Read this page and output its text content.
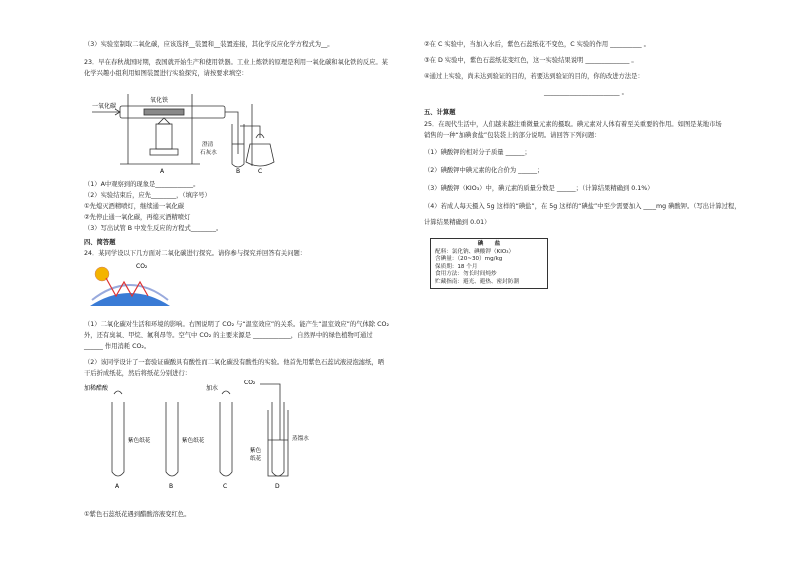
（3）实验室制取二氧化碳，应该选择__装置和__装置连接，其化学反应化学方程式为__。
23．早在春秋战国时期，我国就开始生产和使用铁器。工业上炼铁的原理是利用一氧化碳和氧化铁的反应。某
化学兴趣小组利用如图装置进行实验探究，请按要求填空：
一氧化碳
氧化铁
澄清
石灰水
A	B	C
（1）A中观察到的现象是____________。
（2）实验结束后，应先________，（填序号）
①先熄灭酒精喷灯，继续通一氧化碳
②先停止通一氧化碳，再熄灭酒精喷灯
（3）写出试管 B 中发生反应的方程式________。
四、简答题
24．某同学设以下几方面对二氧化碳进行探究。请你参与探究并回答有关问题：
CO₂
（1）二氧化碳对生活和环境的影响。右图说明了 CO₂ 与“温室效应”的关系。能产生“温室效应”的气体除 CO₂
外，还有臭氧、甲烷、氟利昂等。空气中 CO₂ 的主要来源是 ____________，自然界中的绿色植物可通过
______ 作用消耗 CO₂。
（2）该同学设计了一套验证碳酸具有酸性而二氧化碳没有酸性的实验。他首先用紫色石蕊试液浸泡滤纸，晒
干后折成纸花，然后将纸花分别进行：
加稀醋酸	加水
CO₂
紫色纸花	紫色纸花
紫色
纸花
蒸馏水
A	B	C	D
①紫色石蕊纸花遇到醋酸溶液变红色。
②在 C 实验中，当加入水后，紫色石蕊纸花不变色，C 实验的作用 __________ 。
③在 D 实验中，紫色石蕊纸花变红色，这一实验结果说明 ______________ 。
④通过上实验，尚未达到验证的目的，若要达到验证的目的，你的改进方法是：
________________________ 。
五、计算题
25．在现代生活中，人们越来越注重微量元素的摄取。碘元素对人体有着至关重要的作用。如图是某地市场
销售的一种“加碘食盐”包装袋上的部分说明。请回答下列问题：
（1）碘酸钾的相对分子质量 ______；
（2）碘酸钾中碘元素的化合价为 ______；
（3）碘酸钾（KIO₃）中，碘元素的质量分数是 ______；（计算结果精确到 0.1%）
（4）若成人每天摄入 5g 这样的“碘盐”，在 5g 这样的“碘盐”中至少需要加入 ____mg 碘酸钾。（写出计算过程，
计算结果精确到 0.01）
碘　　盐
配料：氯化钠、碘酸钾（KIO₃）
含碘量：（20~30）mg/kg
保质期：18 个月
食用方法：勿长时间炖炒
贮藏指南：避光、避热、密封防潮
